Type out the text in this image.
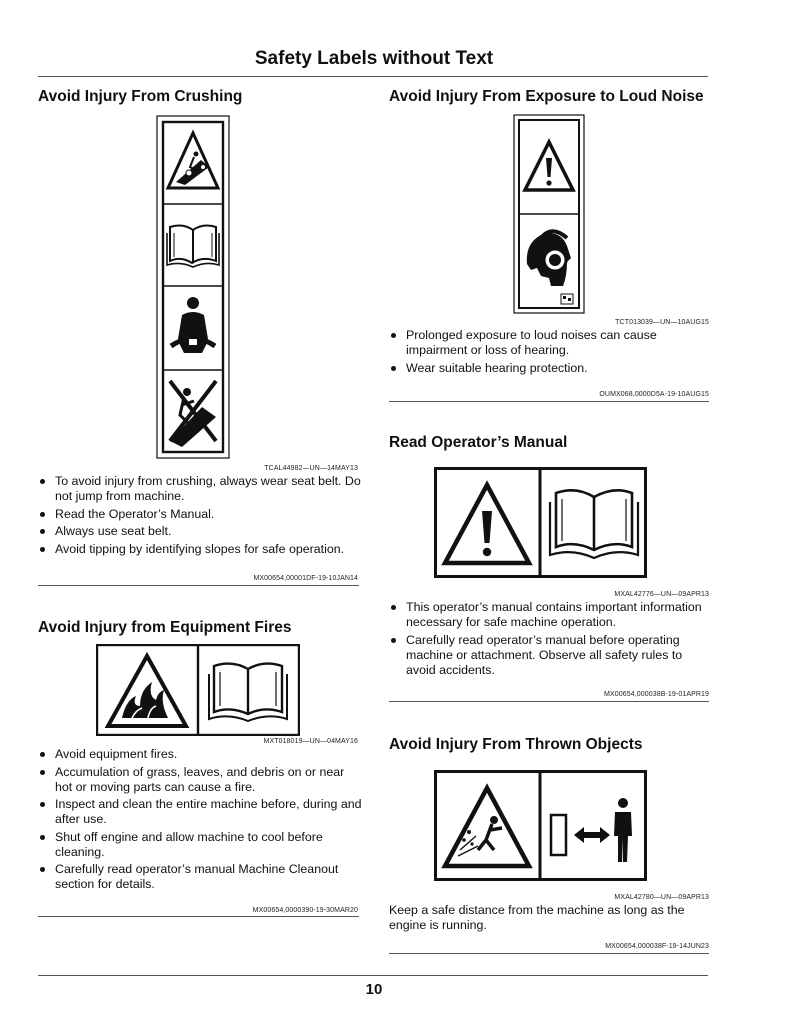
Safety Labels without Text
Avoid Injury From Crushing
TCAL44982—UN—14MAY13
To avoid injury from crushing, always wear seat belt. Do not jump from machine.
Read the Operator’s Manual.
Always use seat belt.
Avoid tipping by identifying slopes for safe operation.
MX00654,00001DF-19-10JAN14
Avoid Injury from Equipment Fires
MXT018019—UN—04MAY16
Avoid equipment fires.
Accumulation of grass, leaves, and debris on or near hot or moving parts can cause a fire.
Inspect and clean the entire machine before, during and after use.
Shut off engine and allow machine to cool before cleaning.
Carefully read operator’s manual Machine Cleanout section for details.
MX00654,0000390-19-30MAR20
Avoid Injury From Exposure to Loud Noise
TCT013039—UN—10AUG15
Prolonged exposure to loud noises can cause impairment or loss of hearing.
Wear suitable hearing protection.
OUMX068,0000D5A-19-10AUG15
Read Operator’s Manual
MXAL42776—UN—09APR13
This operator’s manual contains important information necessary for safe machine operation.
Carefully read operator’s manual before operating machine or attachment. Observe all safety rules to avoid accidents.
MX00654,000038B-19-01APR19
Avoid Injury From Thrown Objects
MXAL42780—UN—09APR13

Keep a safe distance from the machine as long as the engine is running.

MX00654,000038F-19-14JUN23
10
